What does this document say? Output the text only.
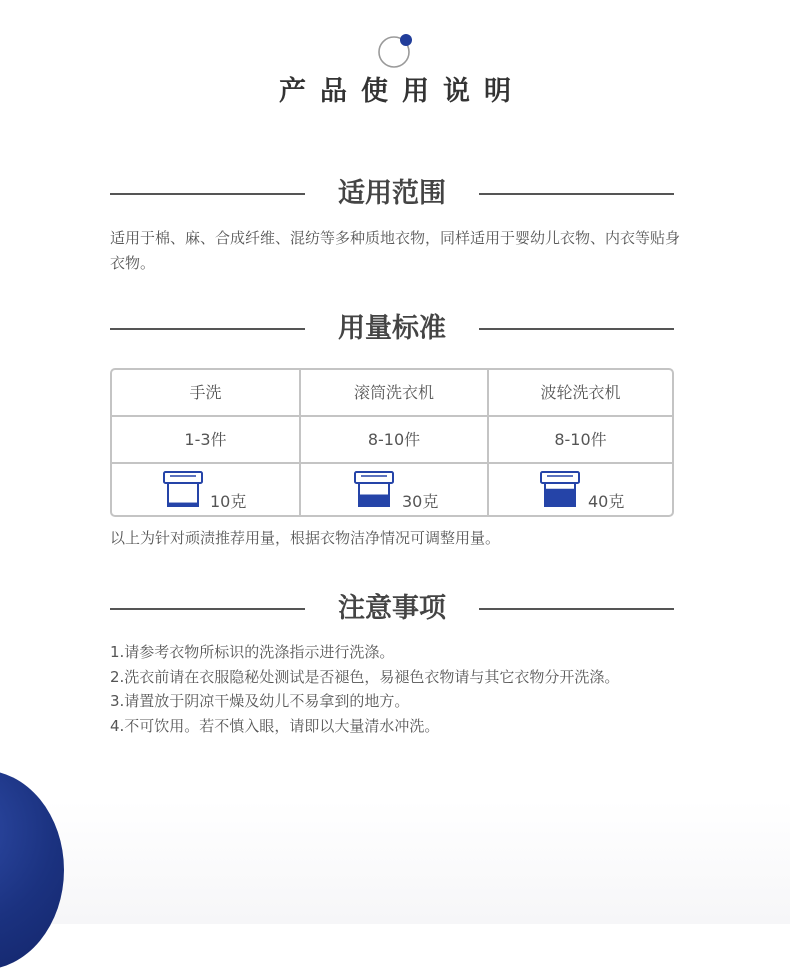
产品使用说明
适用范围
适用于棉、麻、合成纤维、混纺等多种质地衣物，同样适用于婴幼儿衣物、内衣等贴身衣物。
用量标准
手洗	滚筒洗衣机	波轮洗衣机
1-3件	8-10件	8-10件
10克	30克	40克
以上为针对顽渍推荐用量，根据衣物洁净情况可调整用量。
注意事项
1.请参考衣物所标识的洗涤指示进行洗涤。
2.洗衣前请在衣服隐秘处测试是否褪色，易褪色衣物请与其它衣物分开洗涤。
3.请置放于阴凉干燥及幼儿不易拿到的地方。
4.不可饮用。若不慎入眼，请即以大量清水冲洗。
